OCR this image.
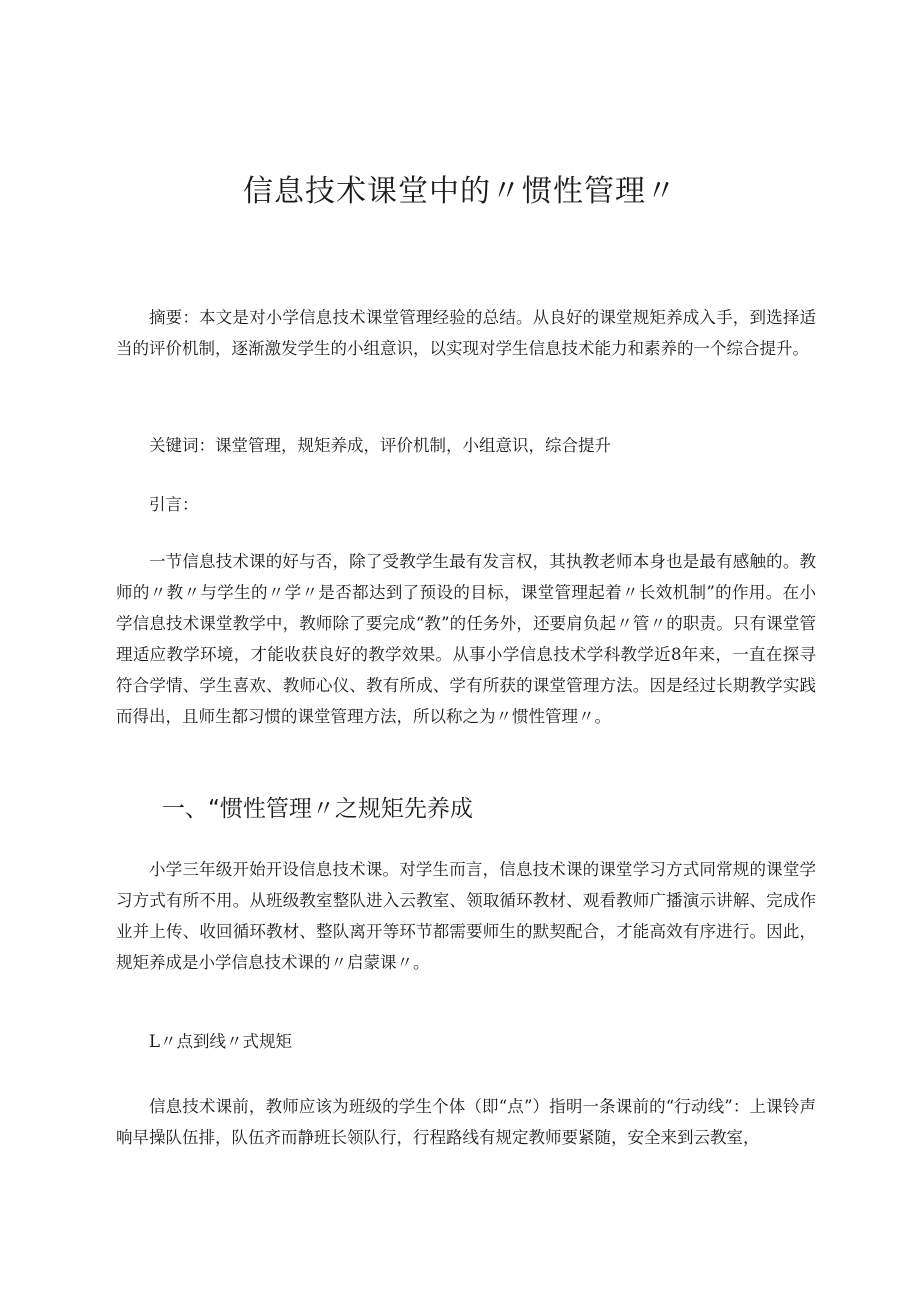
信息技术课堂中的〃惯性管理〃

摘要：本文是对小学信息技术课堂管理经验的总结。从良好的课堂规矩养成入手，到选择适当的评价机制，逐渐激发学生的小组意识，以实现对学生信息技术能力和素养的一个综合提升。

关键词：课堂管理，规矩养成，评价机制，小组意识，综合提升

引言：

一节信息技术课的好与否，除了受教学生最有发言权，其执教老师本身也是最有感触的。教师的〃教〃与学生的〃学〃是否都达到了预设的目标，课堂管理起着〃长效机制”的作用。在小学信息技术课堂教学中，教师除了要完成“教”的任务外，还要肩负起〃管〃的职责。只有课堂管理适应教学环境，才能收获良好的教学效果。从事小学信息技术学科教学近8年来，一直在探寻符合学情、学生喜欢、教师心仪、教有所成、学有所获的课堂管理方法。因是经过长期教学实践而得出，且师生都习惯的课堂管理方法，所以称之为〃惯性管理〃。

一、“惯性管理〃之规矩先养成

小学三年级开始开设信息技术课。对学生而言，信息技术课的课堂学习方式同常规的课堂学习方式有所不用。从班级教室整队进入云教室、领取循环教材、观看教师广播演示讲解、完成作业并上传、收回循环教材、整队离开等环节都需要师生的默契配合，才能高效有序进行。因此，规矩养成是小学信息技术课的〃启蒙课〃。

L〃点到线〃式规矩

信息技术课前，教师应该为班级的学生个体（即“点”）指明一条课前的“行动线”：上课铃声响早操队伍排，队伍齐而静班长领队行，行程路线有规定教师要紧随，安全来到云教室，
